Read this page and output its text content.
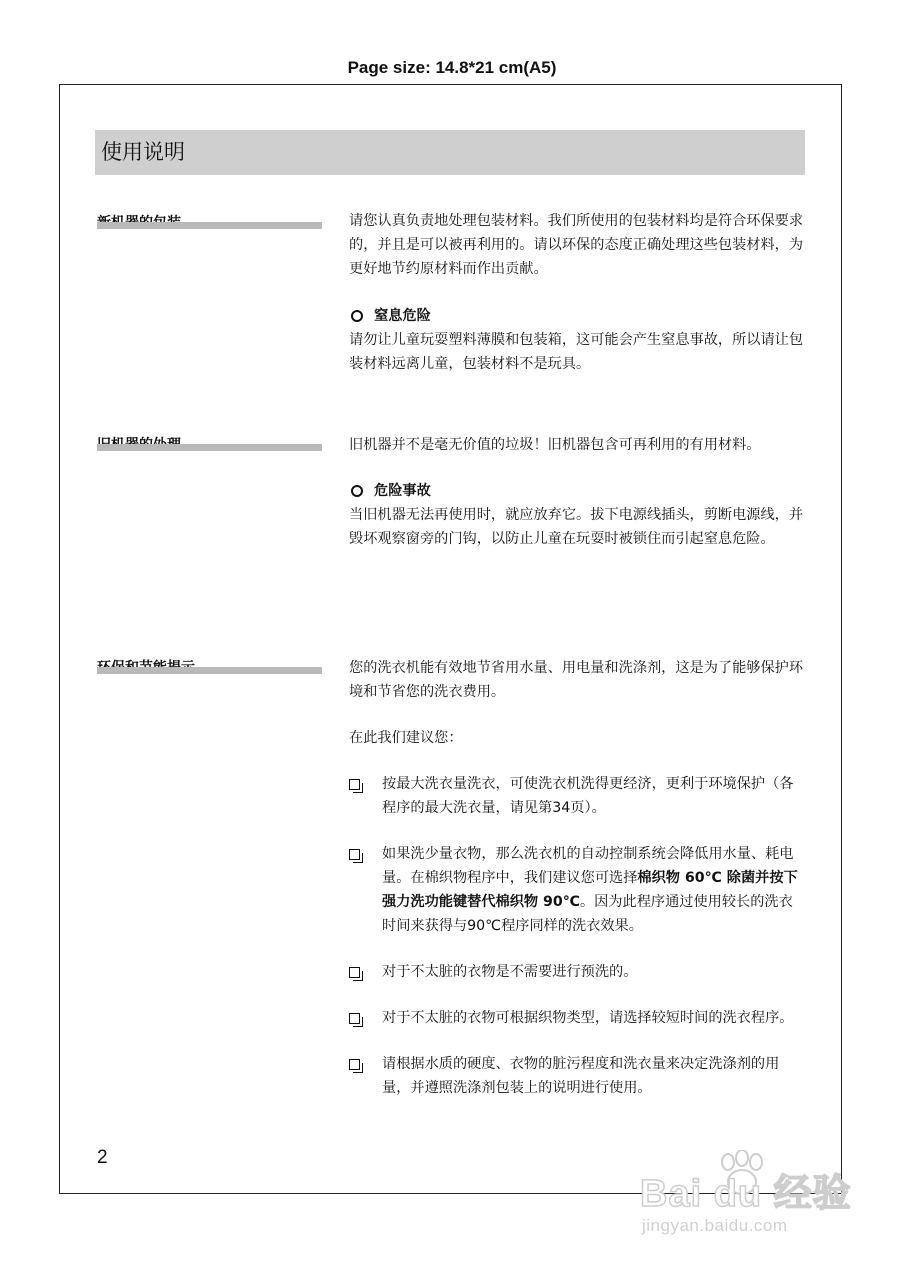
Page size: 14.8*21 cm(A5)
使用说明

请您认真负责地处理包装材料。我们所使用的包装材料均是符合环保要求的，并且是可以被再利用的。请以环保的态度正确处理这些包装材料，为更好地节约原材料而作出贡献。

窒息危险

请勿让儿童玩耍塑料薄膜和包装箱，这可能会产生窒息事故，所以请让包装材料远离儿童，包装材料不是玩具。

旧机器并不是毫无价值的垃圾！旧机器包含可再利用的有用材料。

危险事故

当旧机器无法再使用时，就应放弃它。拔下电源线插头，剪断电源线，并毁坏观察窗旁的门钩，以防止儿童在玩耍时被锁住而引起窒息危险。

您的洗衣机能有效地节省用水量、用电量和洗涤剂，这是为了能够保护环境和节省您的洗衣费用。

在此我们建议您：

按最大洗衣量洗衣，可使洗衣机洗得更经济，更利于环境保护（各程序的最大洗衣量，请见第34页）。
如果洗少量衣物，那么洗衣机的自动控制系统会降低用水量、耗电量。在棉织物程序中，我们建议您可选择棉织物 60℃ 除菌并按下强力洗功能键替代棉织物 90℃。因为此程序通过使用较长的洗衣时间来获得与90℃程序同样的洗衣效果。
对于不太脏的衣物是不需要进行预洗的。
对于不太脏的衣物可根据织物类型，请选择较短时间的洗衣程序。
请根据水质的硬度、衣物的脏污程度和洗衣量来决定洗涤剂的用量，并遵照洗涤剂包装上的说明进行使用。
2
Bai du 经验
jingyan.baidu.com
